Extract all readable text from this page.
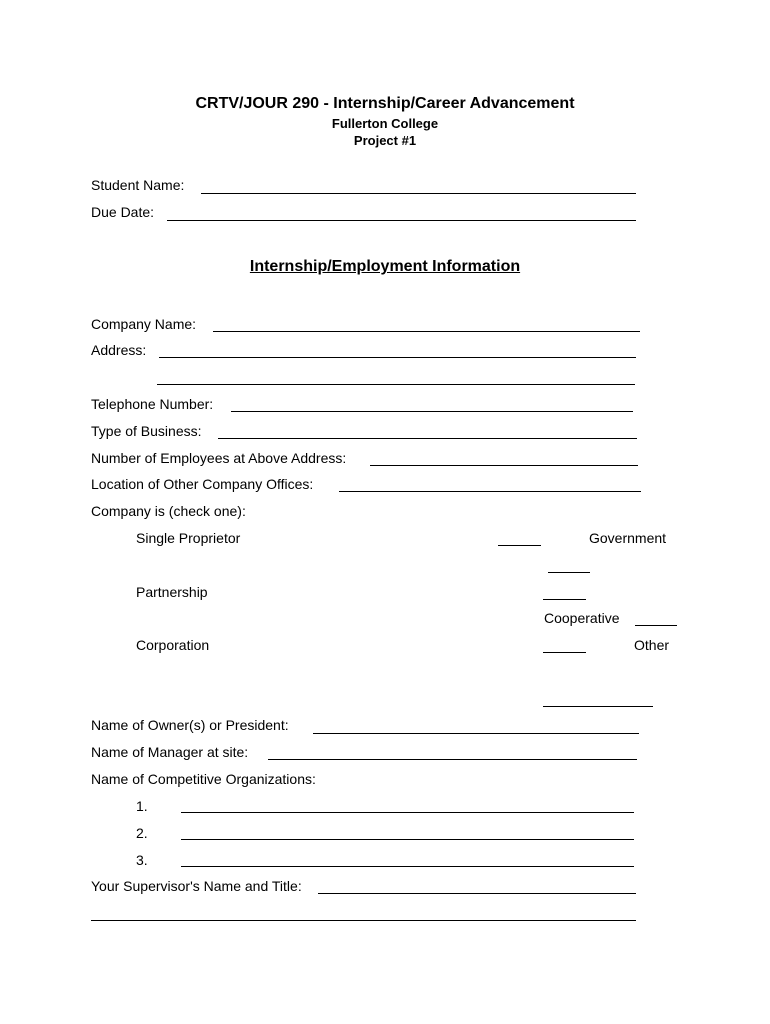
CRTV/JOUR 290 - Internship/Career Advancement
Fullerton College
Project #1
Student Name:
Due Date:
Internship/Employment Information
Company Name:
Address:
Telephone Number:
Type of Business:
Number of Employees at Above Address:
Location of Other Company Offices:
Company is (check one):
Single Proprietor	Government
Partnership
Cooperative
Corporation	Other
Name of Owner(s) or President:
Name of Manager at site:
Name of Competitive Organizations:
1.
2.
3.
Your Supervisor's Name and Title:
